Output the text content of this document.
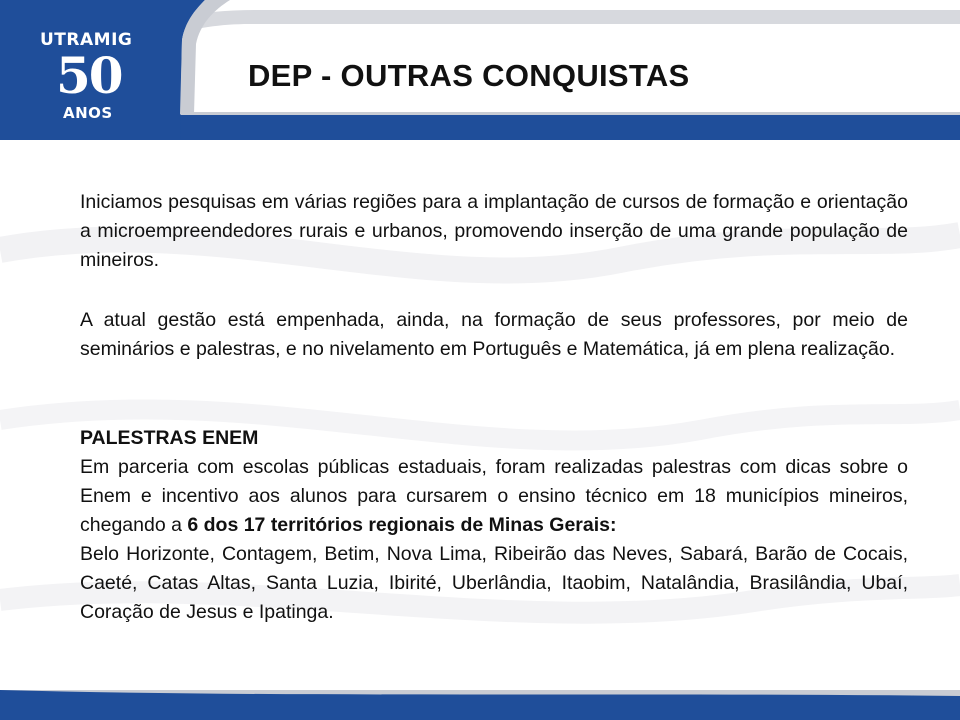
UTRAMIG
50
ANOS
DEP - OUTRAS CONQUISTAS

Iniciamos pesquisas em várias regiões para a implantação de cursos de formação e orientação a microempreendedores rurais e urbanos, promovendo inserção de uma grande população de mineiros.

A atual gestão está empenhada, ainda, na formação de seus professores, por meio de seminários e palestras, e no nivelamento em Português e Matemática, já em plena realização.

PALESTRAS ENEM

Em parceria com escolas públicas estaduais, foram realizadas palestras com dicas sobre o Enem e incentivo aos alunos para cursarem o ensino técnico em 18 municípios mineiros, chegando a 6 dos 17 territórios regionais de Minas Gerais:

Belo Horizonte, Contagem, Betim, Nova Lima, Ribeirão das Neves, Sabará, Barão de Cocais, Caeté, Catas Altas, Santa Luzia, Ibirité, Uberlândia, Itaobim, Natalândia, Brasilândia, Ubaí, Coração de Jesus e Ipatinga.
